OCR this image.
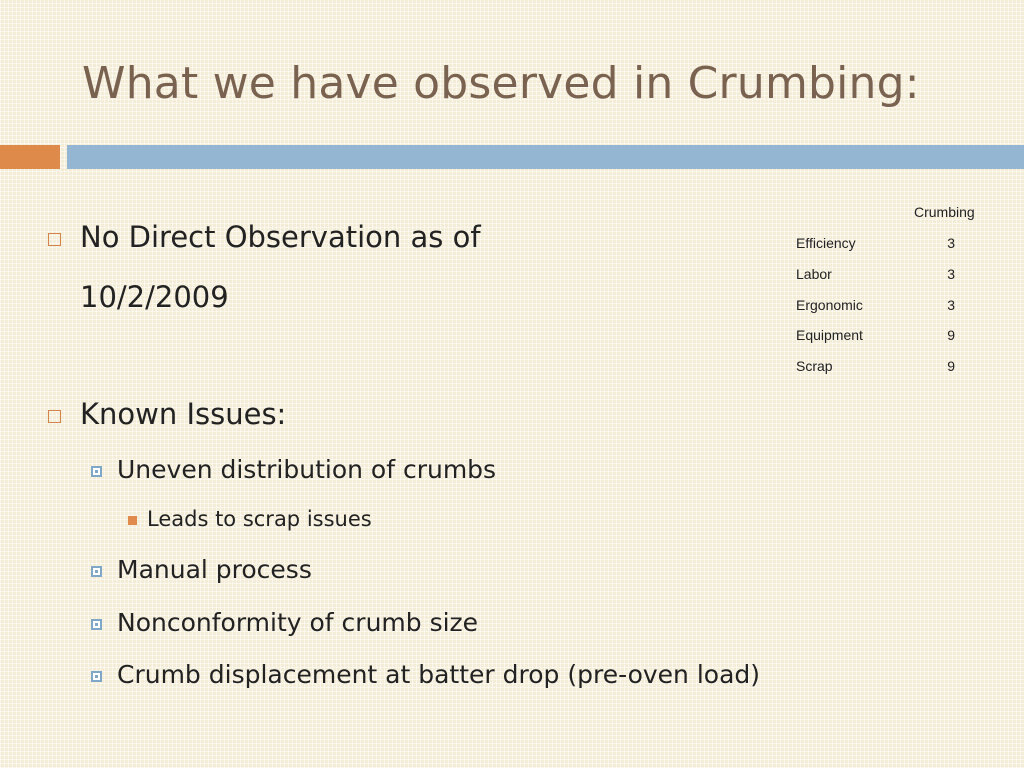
What we have observed in Crumbing:
No Direct Observation as of
10/2/2009
Known Issues:
Uneven distribution of crumbs
Leads to scrap issues
Manual process
Nonconformity of crumb size
Crumb displacement at batter drop (pre-oven load)
Crumbing
Efficiency	3
Labor	3
Ergonomic	3
Equipment	9
Scrap	9
